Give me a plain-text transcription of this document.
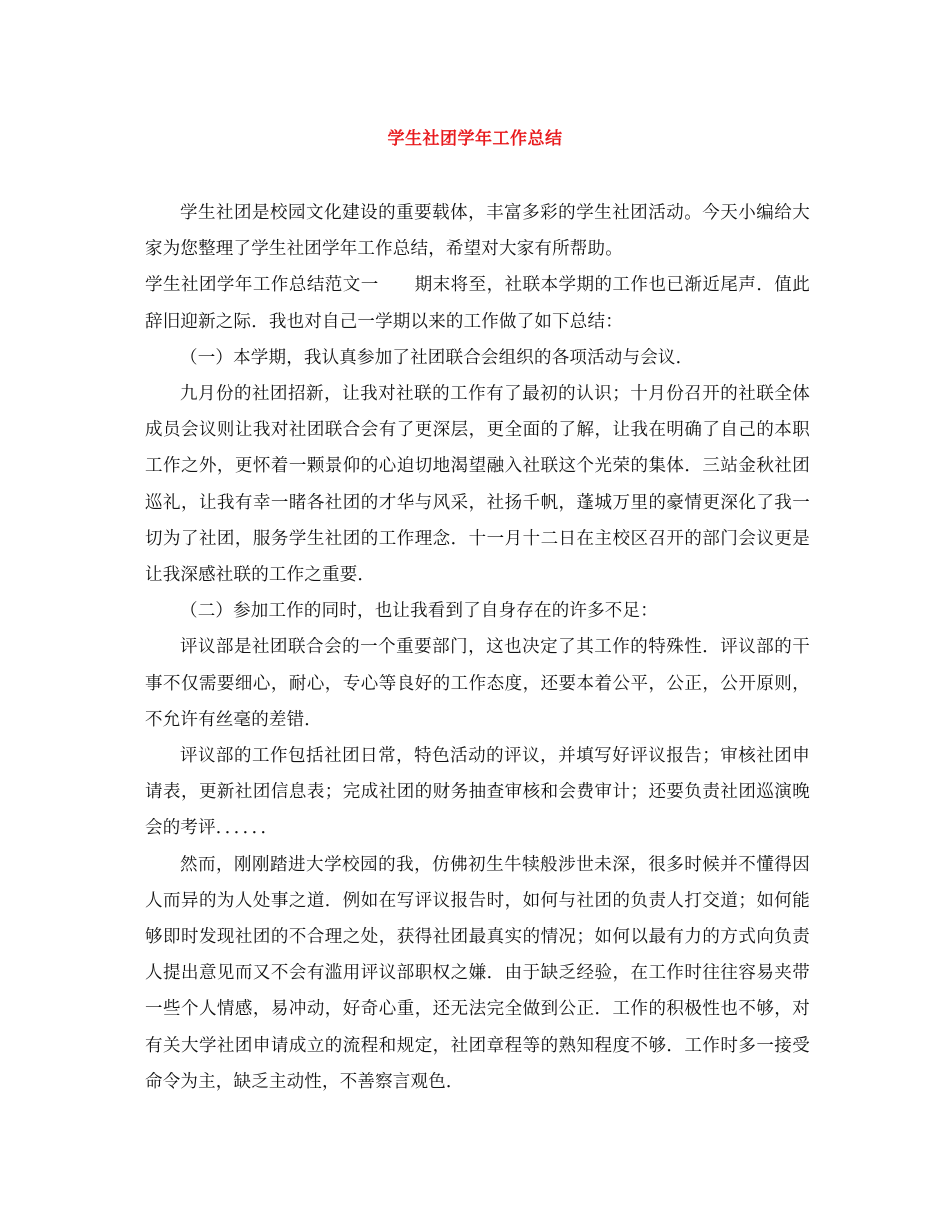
学生社团学年工作总结

学生社团是校园文化建设的重要载体，丰富多彩的学生社团活动。今天小编给大家为您整理了学生社团学年工作总结，希望对大家有所帮助。

学生社团学年工作总结范文一　　期末将至，社联本学期的工作也已渐近尾声．值此辞旧迎新之际．我也对自己一学期以来的工作做了如下总结：

（一）本学期，我认真参加了社团联合会组织的各项活动与会议．

九月份的社团招新，让我对社联的工作有了最初的认识；十月份召开的社联全体成员会议则让我对社团联合会有了更深层，更全面的了解，让我在明确了自己的本职工作之外，更怀着一颗景仰的心迫切地渴望融入社联这个光荣的集体．三站金秋社团巡礼，让我有幸一睹各社团的才华与风采，社扬千帆，蓬城万里的豪情更深化了我一切为了社团，服务学生社团的工作理念．十一月十二日在主校区召开的部门会议更是让我深感社联的工作之重要．

（二）参加工作的同时，也让我看到了自身存在的许多不足：

评议部是社团联合会的一个重要部门，这也决定了其工作的特殊性．评议部的干事不仅需要细心，耐心，专心等良好的工作态度，还要本着公平，公正，公开原则，不允许有丝毫的差错．

评议部的工作包括社团日常，特色活动的评议，并填写好评议报告；审核社团申请表，更新社团信息表；完成社团的财务抽查审核和会费审计；还要负责社团巡演晚会的考评．．．．．．

然而，刚刚踏进大学校园的我，仿佛初生牛犊般涉世未深，很多时候并不懂得因人而异的为人处事之道．例如在写评议报告时，如何与社团的负责人打交道；如何能够即时发现社团的不合理之处，获得社团最真实的情况；如何以最有力的方式向负责人提出意见而又不会有滥用评议部职权之嫌．由于缺乏经验，在工作时往往容易夹带一些个人情感，易冲动，好奇心重，还无法完全做到公正．工作的积极性也不够，对有关大学社团申请成立的流程和规定，社团章程等的熟知程度不够．工作时多一接受命令为主，缺乏主动性，不善察言观色．
